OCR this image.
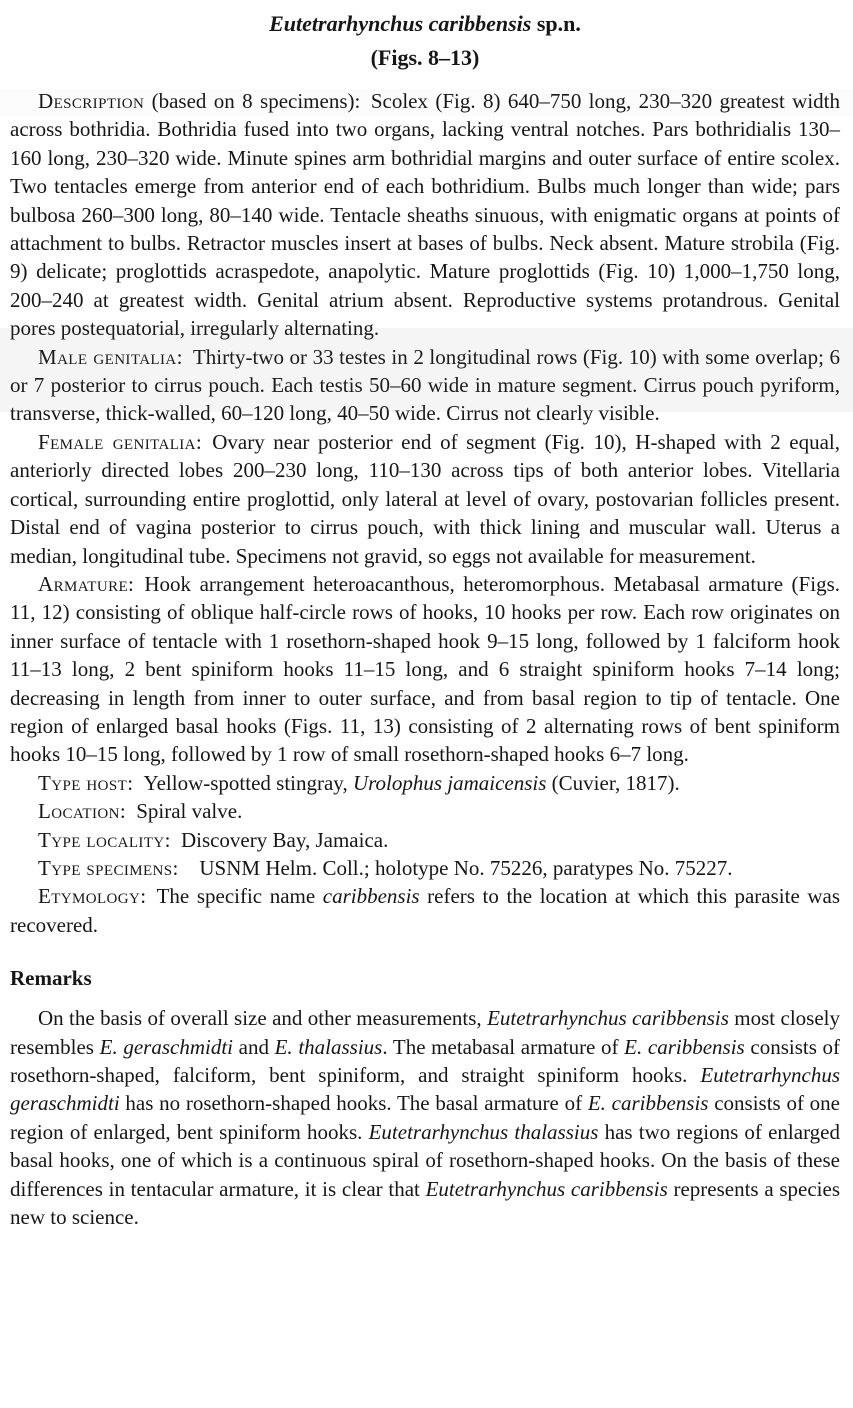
Eutetrarhynchus caribbensis sp.n.
(Figs. 8–13)

Description (based on 8 specimens): Scolex (Fig. 8) 640–750 long, 230–320 greatest width across bothridia. Bothridia fused into two organs, lacking ventral notches. Pars bothridialis 130–160 long, 230–320 wide. Minute spines arm bothridial margins and outer surface of entire scolex. Two tentacles emerge from anterior end of each bothridium. Bulbs much longer than wide; pars bulbosa 260–300 long, 80–140 wide. Tentacle sheaths sinuous, with enigmatic organs at points of attachment to bulbs. Retractor muscles insert at bases of bulbs. Neck absent. Mature strobila (Fig. 9) delicate; proglottids acraspedote, anapolytic. Mature proglottids (Fig. 10) 1,000–1,750 long, 200–240 at greatest width. Genital atrium absent. Reproductive systems protandrous. Genital pores postequatorial, irregularly alternating.

Male genitalia: Thirty-two or 33 testes in 2 longitudinal rows (Fig. 10) with some overlap; 6 or 7 posterior to cirrus pouch. Each testis 50–60 wide in mature segment. Cirrus pouch pyriform, transverse, thick-walled, 60–120 long, 40–50 wide. Cirrus not clearly visible.

Female genitalia: Ovary near posterior end of segment (Fig. 10), H-shaped with 2 equal, anteriorly directed lobes 200–230 long, 110–130 across tips of both anterior lobes. Vitellaria cortical, surrounding entire proglottid, only lateral at level of ovary, postovarian follicles present. Distal end of vagina posterior to cirrus pouch, with thick lining and muscular wall. Uterus a median, longitudinal tube. Specimens not gravid, so eggs not available for measurement.

Armature: Hook arrangement heteroacanthous, heteromorphous. Metabasal armature (Figs. 11, 12) consisting of oblique half-circle rows of hooks, 10 hooks per row. Each row originates on inner surface of tentacle with 1 rosethorn-shaped hook 9–15 long, followed by 1 falciform hook 11–13 long, 2 bent spiniform hooks 11–15 long, and 6 straight spiniform hooks 7–14 long; decreasing in length from inner to outer surface, and from basal region to tip of tentacle. One region of enlarged basal hooks (Figs. 11, 13) consisting of 2 alternating rows of bent spiniform hooks 10–15 long, followed by 1 row of small rosethorn-shaped hooks 6–7 long.

Type host: Yellow-spotted stingray, Urolophus jamaicensis (Cuvier, 1817).

Location: Spiral valve.

Type locality: Discovery Bay, Jamaica.

Type specimens: USNM Helm. Coll.; holotype No. 75226, paratypes No. 75227.

Etymology: The specific name caribbensis refers to the location at which this parasite was recovered.

Remarks

On the basis of overall size and other measurements, Eutetrarhynchus caribbensis most closely resembles E. geraschmidti and E. thalassius. The metabasal armature of E. caribbensis consists of rosethorn-shaped, falciform, bent spiniform, and straight spiniform hooks. Eutetrarhynchus geraschmidti has no rosethorn-shaped hooks. The basal armature of E. caribbensis consists of one region of enlarged, bent spiniform hooks. Eutetrarhynchus thalassius has two regions of enlarged basal hooks, one of which is a continuous spiral of rosethorn-shaped hooks. On the basis of these differences in tentacular armature, it is clear that Eutetrarhynchus caribbensis represents a species new to science.
